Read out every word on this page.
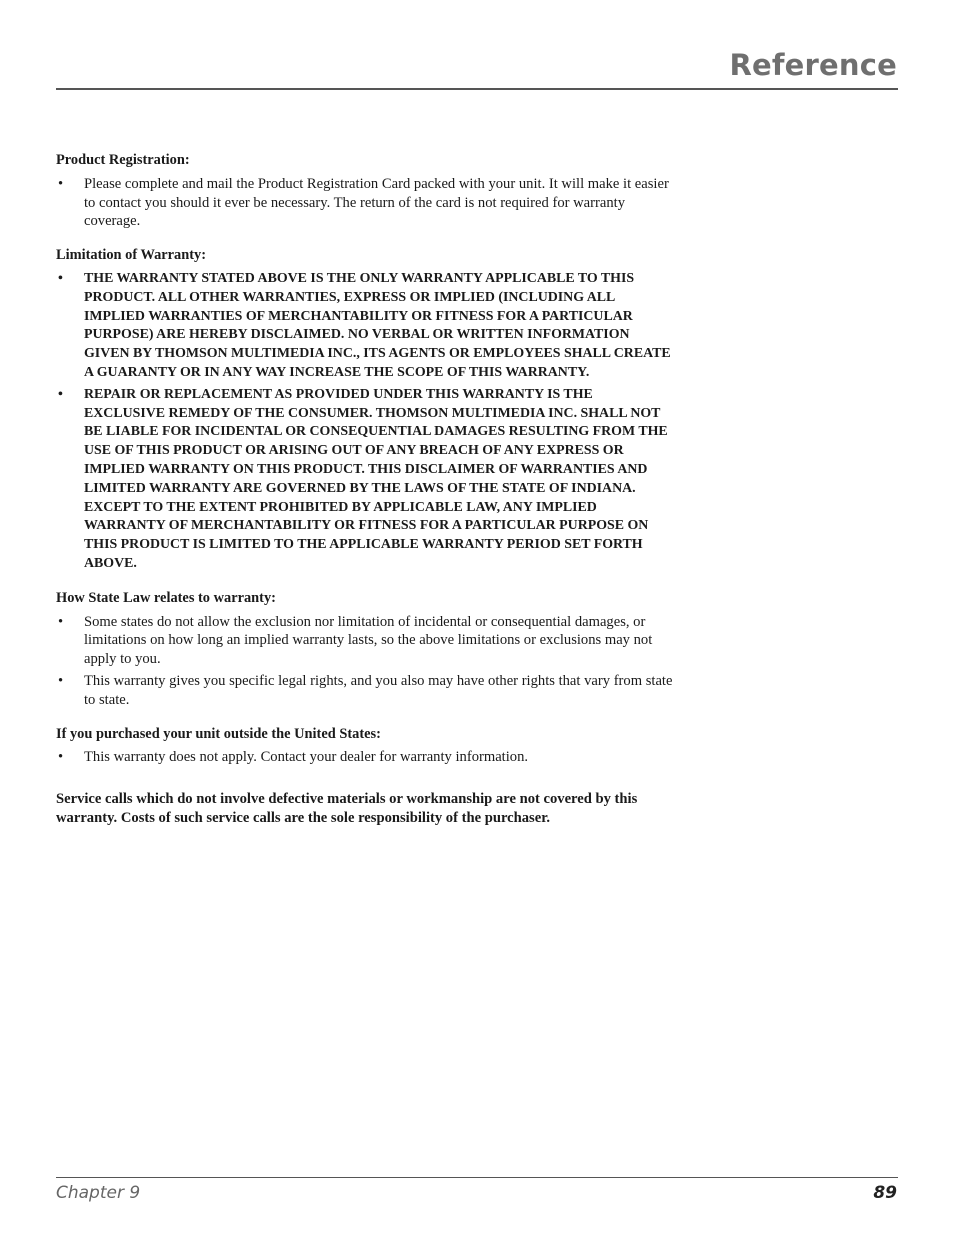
Reference
Product Registration:
• Please complete and mail the Product Registration Card packed with your unit. It will make it easier to contact you should it ever be necessary. The return of the card is not required for warranty coverage.
Limitation of Warranty:
• THE WARRANTY STATED ABOVE IS THE ONLY WARRANTY APPLICABLE TO THIS PRODUCT. ALL OTHER WARRANTIES, EXPRESS OR IMPLIED (INCLUDING ALL IMPLIED WARRANTIES OF MERCHANTABILITY OR FITNESS FOR A PARTICULAR PURPOSE) ARE HEREBY DISCLAIMED. NO VERBAL OR WRITTEN INFORMATION GIVEN BY THOMSON MULTIMEDIA INC., ITS AGENTS OR EMPLOYEES SHALL CREATE A GUARANTY OR IN ANY WAY INCREASE THE SCOPE OF THIS WARRANTY.
• REPAIR OR REPLACEMENT AS PROVIDED UNDER THIS WARRANTY IS THE EXCLUSIVE REMEDY OF THE CONSUMER. THOMSON MULTIMEDIA INC. SHALL NOT BE LIABLE FOR INCIDENTAL OR CONSEQUENTIAL DAMAGES RESULTING FROM THE USE OF THIS PRODUCT OR ARISING OUT OF ANY BREACH OF ANY EXPRESS OR IMPLIED WARRANTY ON THIS PRODUCT. THIS DISCLAIMER OF WARRANTIES AND LIMITED WARRANTY ARE GOVERNED BY THE LAWS OF THE STATE OF INDIANA. EXCEPT TO THE EXTENT PROHIBITED BY APPLICABLE LAW, ANY IMPLIED WARRANTY OF MERCHANTABILITY OR FITNESS FOR A PARTICULAR PURPOSE ON THIS PRODUCT IS LIMITED TO THE APPLICABLE WARRANTY PERIOD SET FORTH ABOVE.
How State Law relates to warranty:
• Some states do not allow the exclusion nor limitation of incidental or consequential damages, or limitations on how long an implied warranty lasts, so the above limitations or exclusions may not apply to you.
• This warranty gives you specific legal rights, and you also may have other rights that vary from state to state.
If you purchased your unit outside the United States:
• This warranty does not apply. Contact your dealer for warranty information.
Service calls which do not involve defective materials or workmanship are not covered by this warranty. Costs of such service calls are the sole responsibility of the purchaser.
Chapter 9	89
